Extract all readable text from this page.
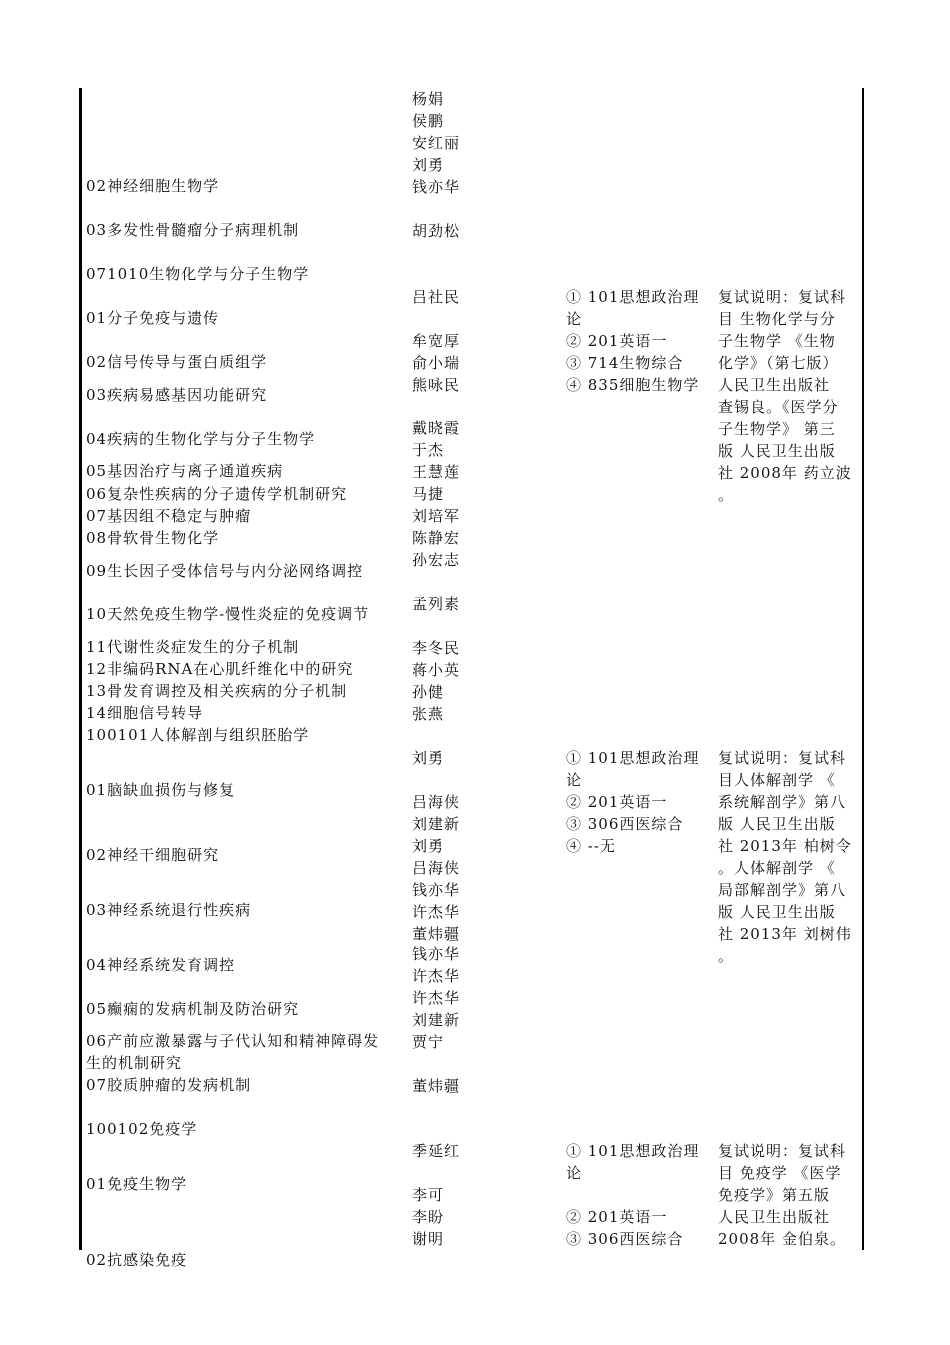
杨娟
侯鹏
安红丽
刘勇
02神经细胞生物学	钱亦华
03多发性骨髓瘤分子病理机制	胡劲松
071010生物化学与分子生物学
01分子免疫与遗传
02信号传导与蛋白质组学
03疾病易感基因功能研究
04疾病的生物化学与分子生物学
05基因治疗与离子通道疾病
06复杂性疾病的分子遗传学机制研究
07基因组不稳定与肿瘤
08骨软骨生物化学
09生长因子受体信号与内分泌网络调控
10天然免疫生物学-慢性炎症的免疫调节
11代谢性炎症发生的分子机制
12非编码RNA在心肌纤维化中的研究
13骨发育调控及相关疾病的分子机制
14细胞信号转导
吕社民
牟宽厚
俞小瑞
熊咏民
戴晓霞
于杰
王慧莲
马捷
刘培军
陈静宏
孙宏志
孟列素
李冬民
蒋小英
孙健
张燕
① 101思想政治理
论
② 201英语一
③ 714生物综合
④ 835细胞生物学
复试说明：复试科
目 生物化学与分
子生物学 《生物
化学》（第七版）
人民卫生出版社
查锡良。《医学分
子生物学》 第三
版 人民卫生出版
社 2008年 药立波
。
100101人体解剖与组织胚胎学
01脑缺血损伤与修复
02神经干细胞研究
03神经系统退行性疾病
04神经系统发育调控
05癫痫的发病机制及防治研究
06产前应激暴露与子代认知和精神障碍发
生的机制研究
07胶质肿瘤的发病机制
刘勇
吕海侠
刘建新
刘勇
吕海侠
钱亦华
许杰华
董炜疆
钱亦华
许杰华
许杰华
刘建新
贾宁
董炜疆
① 101思想政治理
论
② 201英语一
③ 306西医综合
④ --无
复试说明：复试科
目人体解剖学 《
系统解剖学》第八
版 人民卫生出版
社 2013年 柏树令
。人体解剖学 《
局部解剖学》第八
版 人民卫生出版
社 2013年 刘树伟
。
100102免疫学
01免疫生物学
02抗感染免疫
季延红
李可
李盼
谢明
① 101思想政治理
论
② 201英语一
③ 306西医综合
复试说明：复试科
目 免疫学 《医学
免疫学》第五版
人民卫生出版社
2008年 金伯泉。
